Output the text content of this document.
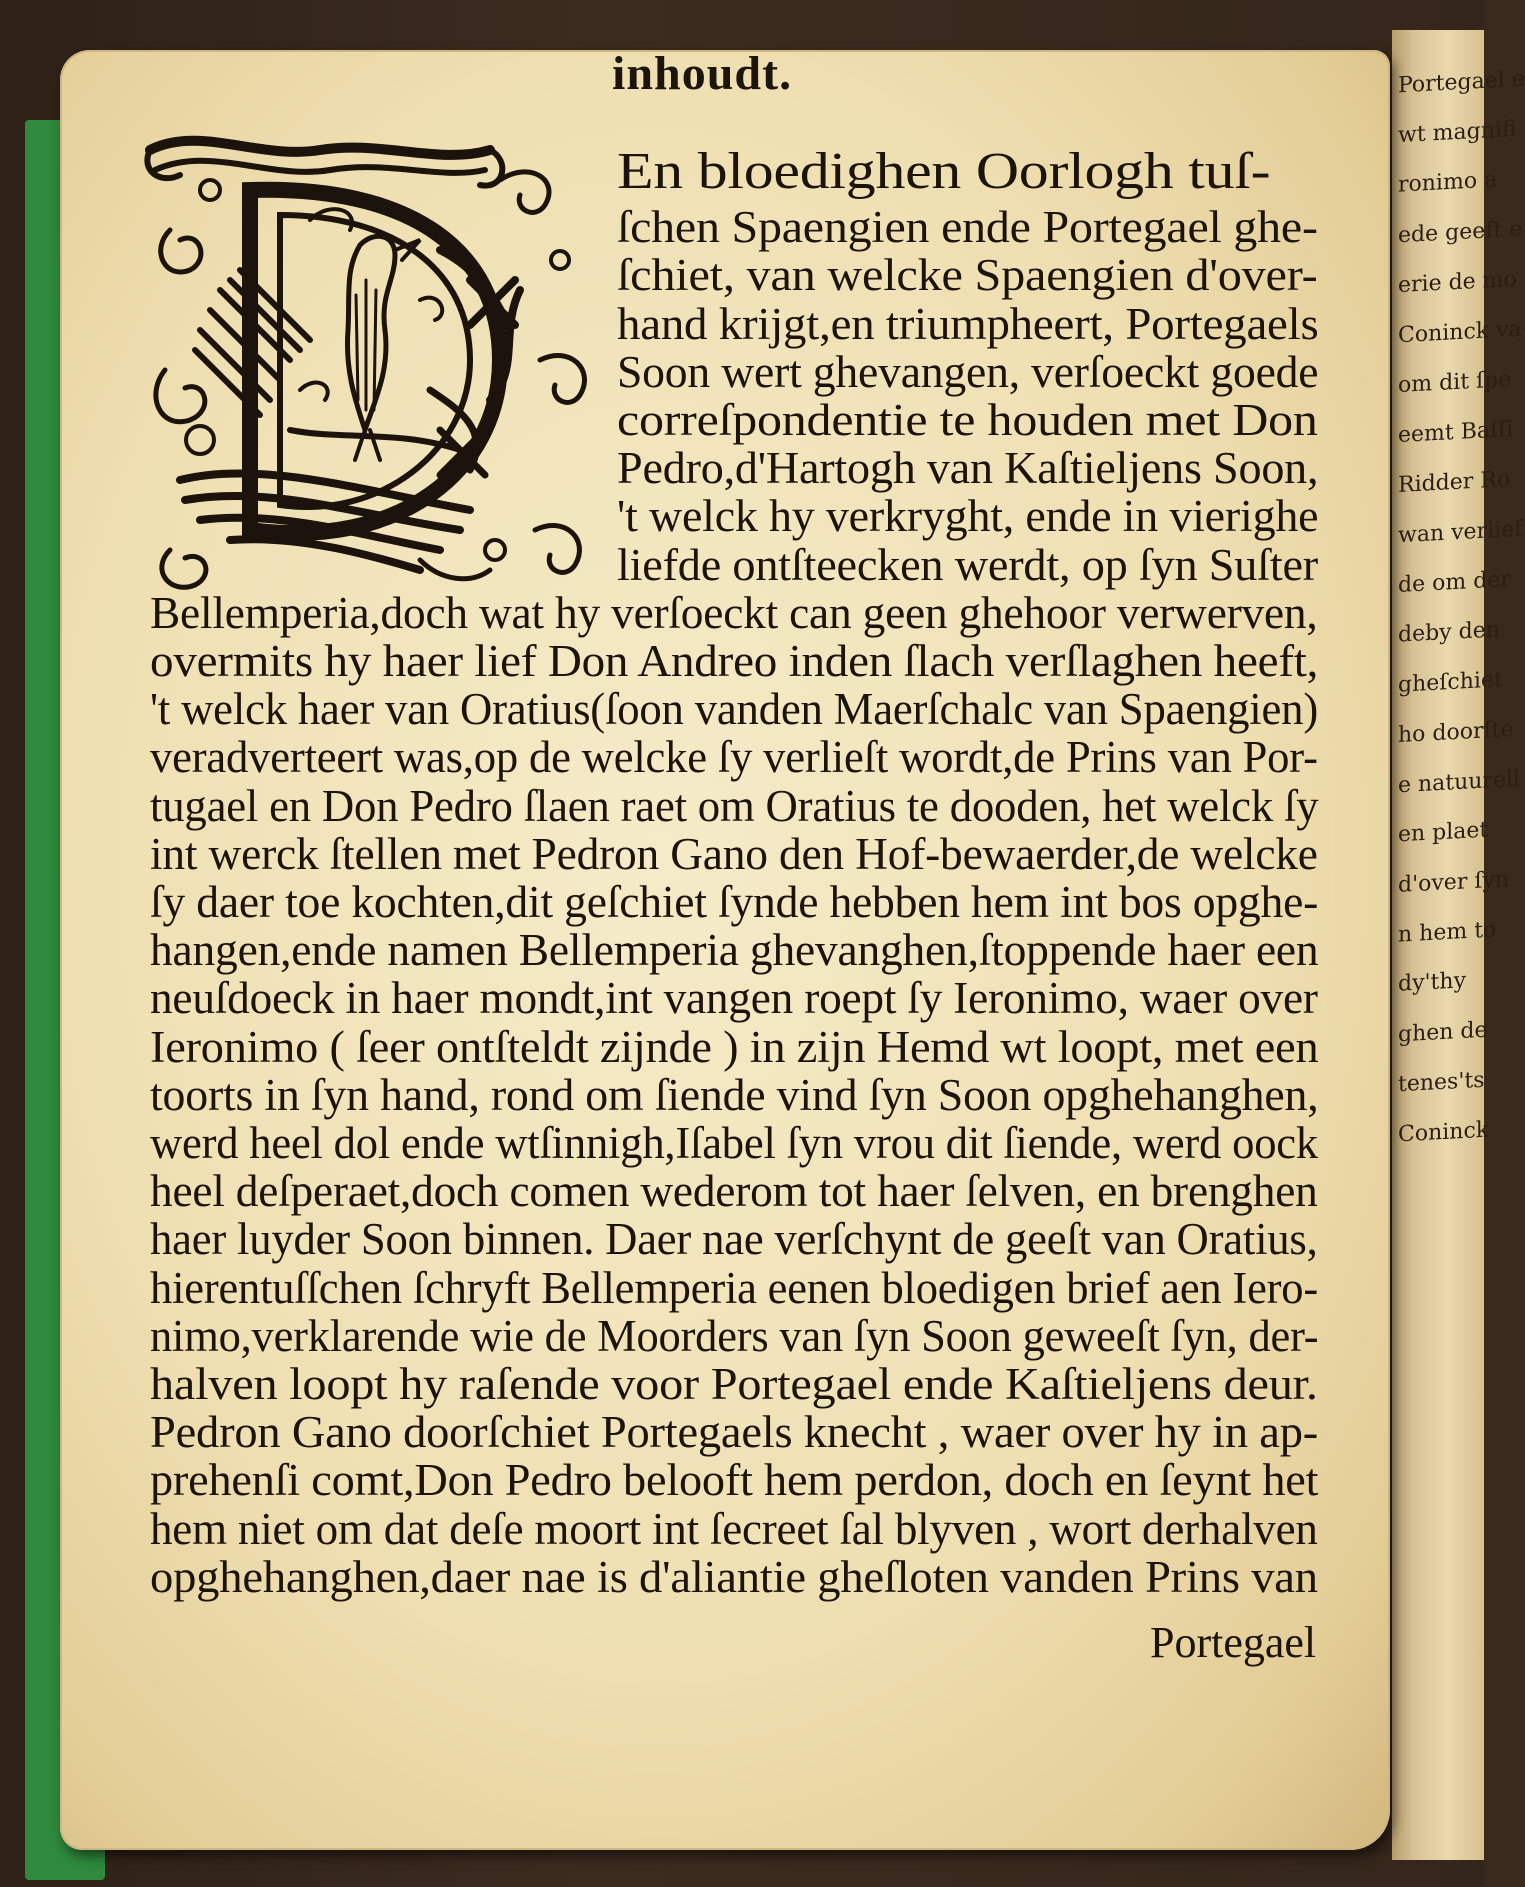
Portegael e
wt magnifi
ronimo a
ede geeft e
erie de mo
Coninck va
om dit ſpe
eemt Baſſi
Ridder Ro
wan verlief
de om der
deby den
gheſchiet
ho doorſte
e natuurell
en plaet
d'over ſyn
n hem to
dy'thy
ghen de
tenes'ts
Coninck
inhoudt.
En bloedighen Oorlogh tuſ-
ſchen Spaengien ende Portegael ghe-
ſchiet, van welcke Spaengien d'over-
hand krijgt,en triumpheert, Portegaels
Soon wert ghevangen, verſoeckt goede
correſpondentie te houden met Don
Pedro,d'Hartogh van Kaſtieljens Soon,
't welck hy verkryght, ende in vierighe
liefde ontſteecken werdt, op ſyn Suſter
Bellemperia,doch wat hy verſoeckt can geen ghehoor verwerven,
overmits hy haer lief Don Andreo inden ſlach verſlaghen heeft,
't welck haer van Oratius(ſoon vanden Maerſchalc van Spaengien)
veradverteert was,op de welcke ſy verlieſt wordt,de Prins van Por-
tugael en Don Pedro ſlaen raet om Oratius te dooden, het welck ſy
int werck ſtellen met Pedron Gano den Hof-bewaerder,de welcke
ſy daer toe kochten,dit geſchiet ſynde hebben hem int bos opghe-
hangen,ende namen Bellemperia ghevanghen,ſtoppende haer een
neuſdoeck in haer mondt,int vangen roept ſy Ieronimo, waer over
Ieronimo ( ſeer ontſteldt zijnde ) in zijn Hemd wt loopt, met een
toorts in ſyn hand, rond om ſiende vind ſyn Soon opghehanghen,
werd heel dol ende wtſinnigh,Iſabel ſyn vrou dit ſiende, werd oock
heel deſperaet,doch comen wederom tot haer ſelven, en brenghen
haer luyder Soon binnen. Daer nae verſchynt de geeſt van Oratius,
hierentuſſchen ſchryft Bellemperia eenen bloedigen brief aen Iero-
nimo,verklarende wie de Moorders van ſyn Soon geweeſt ſyn, der-
halven loopt hy raſende voor Portegael ende Kaſtieljens deur.
Pedron Gano doorſchiet Portegaels knecht , waer over hy in ap-
prehenſi comt,Don Pedro belooft hem perdon, doch en ſeynt het
hem niet om dat deſe moort int ſecreet ſal blyven , wort derhalven
opghehanghen,daer nae is d'aliantie gheſloten vanden Prins van
Portegael
